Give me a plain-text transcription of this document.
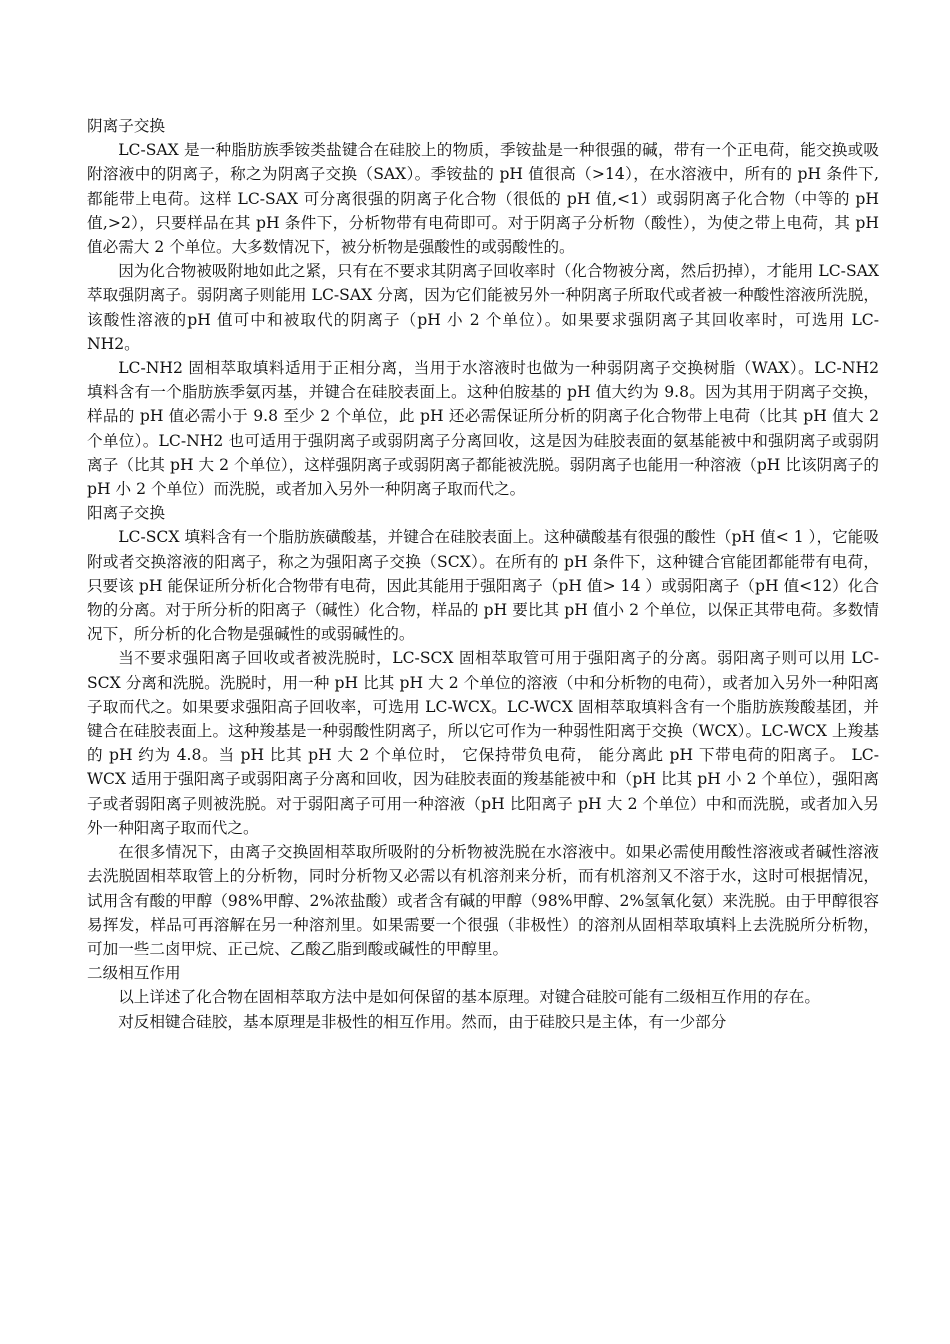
阴离子交换

LC-SAX 是一种脂肪族季铵类盐键合在硅胶上的物质，季铵盐是一种很强的碱，带有一个正电荷，能交换或吸附溶液中的阴离子，称之为阴离子交换（SAX）。季铵盐的 pH 值很高（>14），在水溶液中，所有的 pH 条件下,都能带上电荷。这样 LC-SAX 可分离很强的阴离子化合物（很低的 pH 值,<1）或弱阴离子化合物（中等的 pH 值,>2），只要样品在其 pH 条件下，分析物带有电荷即可。对于阴离子分析物（酸性），为使之带上电荷，其 pH 值必需大 2 个单位。大多数情况下，被分析物是强酸性的或弱酸性的。

因为化合物被吸附地如此之紧，只有在不要求其阴离子回收率时（化合物被分离，然后扔掉），才能用 LC-SAX 萃取强阴离子。弱阴离子则能用 LC-SAX 分离，因为它们能被另外一种阴离子所取代或者被一种酸性溶液所洗脱，该酸性溶液的pH 值可中和被取代的阴离子（pH 小 2 个单位）。如果要求强阴离子其回收率时，可选用 LC-NH2。

LC-NH2 固相萃取填料适用于正相分离，当用于水溶液时也做为一种弱阴离子交换树脂（WAX）。LC-NH2 填料含有一个脂肪族季氨丙基，并键合在硅胶表面上。这种伯胺基的 pH 值大约为 9.8。因为其用于阴离子交换，样品的 pH 值必需小于 9.8 至少 2 个单位，此 pH 还必需保证所分析的阴离子化合物带上电荷（比其 pH 值大 2 个单位）。LC-NH2 也可适用于强阴离子或弱阴离子分离回收，这是因为硅胶表面的氨基能被中和强阴离子或弱阴离子（比其 pH 大 2 个单位），这样强阴离子或弱阴离子都能被洗脱。弱阴离子也能用一种溶液（pH 比该阴离子的 pH 小 2 个单位）而洗脱，或者加入另外一种阴离子取而代之。

阳离子交换

LC-SCX 填料含有一个脂肪族磺酸基，并键合在硅胶表面上。这种磺酸基有很强的酸性（pH 值< 1 ），它能吸附或者交换溶液的阳离子，称之为强阳离子交换（SCX）。在所有的 pH 条件下，这种键合官能团都能带有电荷， 只要该 pH 能保证所分析化合物带有电荷，因此其能用于强阳离子（pH 值> 14 ）或弱阳离子（pH 值<12）化合物的分离。对于所分析的阳离子（碱性）化合物，样品的 pH 要比其 pH 值小 2 个单位，以保正其带电荷。多数情况下，所分析的化合物是强碱性的或弱碱性的。

当不要求强阳离子回收或者被洗脱时，LC-SCX 固相萃取管可用于强阳离子的分离。弱阳离子则可以用 LC-SCX 分离和洗脱。洗脱时，用一种 pH 比其 pH 大 2 个单位的溶液（中和分析物的电荷），或者加入另外一种阳离子取而代之。如果要求强阳高子回收率，可选用 LC-WCX。LC-WCX 固相萃取填料含有一个脂肪族羧酸基团，并键合在硅胶表面上。这种羧基是一种弱酸性阴离子，所以它可作为一种弱性阳离于交换（WCX）。LC-WCX 上羧基的 pH 约为 4.8。当 pH 比其 pH 大 2 个单位时， 它保持带负电荷， 能分离此 pH 下带电荷的阳离子。 LC-WCX 适用于强阳离子或弱阳离子分离和回收，因为硅胶表面的羧基能被中和（pH 比其 pH 小 2 个单位），强阳离子或者弱阳离子则被洗脱。对于弱阳离子可用一种溶液（pH 比阳离子 pH 大 2 个单位）中和而洗脱，或者加入另外一种阳离子取而代之。

在很多情况下，由离子交换固相萃取所吸附的分析物被洗脱在水溶液中。如果必需使用酸性溶液或者碱性溶液去洗脱固相萃取管上的分析物，同时分析物又必需以有机溶剂来分析，而有机溶剂又不溶于水，这时可根据情况，试用含有酸的甲醇（98%甲醇、2%浓盐酸）或者含有碱的甲醇（98%甲醇、2%氢氧化氨）来洗脱。由于甲醇很容易挥发，样品可再溶解在另一种溶剂里。如果需要一个很强（非极性）的溶剂从固相萃取填料上去洗脱所分析物，可加一些二卤甲烷、正己烷、乙酸乙脂到酸或碱性的甲醇里。

二级相互作用

以上详述了化合物在固相萃取方法中是如何保留的基本原理。对键合硅胶可能有二级相互作用的存在。

对反相键合硅胶，基本原理是非极性的相互作用。然而，由于硅胶只是主体，有一少部分
